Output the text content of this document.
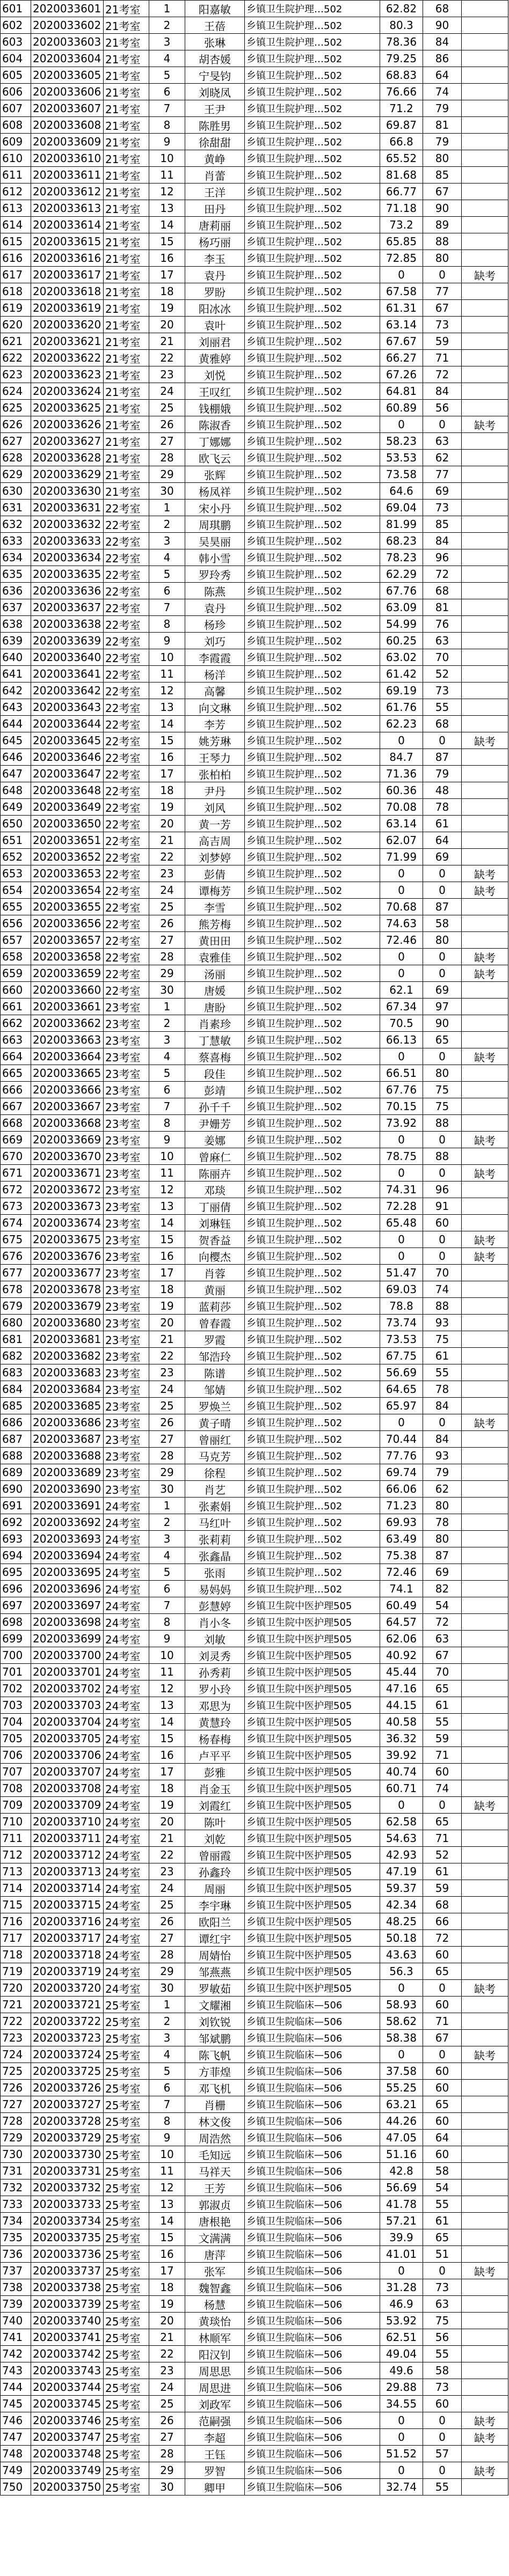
601	2020033601	21考室	1	阳嘉敏	乡镇卫生院护理…502	62.82	68	
602	2020033602	21考室	2	王蓓	乡镇卫生院护理…502	80.3	90	
603	2020033603	21考室	3	张琳	乡镇卫生院护理…502	78.36	84	
604	2020033604	21考室	4	胡杏媛	乡镇卫生院护理…502	79.25	86	
605	2020033605	21考室	5	宁旻钧	乡镇卫生院护理…502	68.83	64	
606	2020033606	21考室	6	刘晓凤	乡镇卫生院护理…502	76.66	74	
607	2020033607	21考室	7	王尹	乡镇卫生院护理…502	71.2	79	
608	2020033608	21考室	8	陈胜男	乡镇卫生院护理…502	69.87	81	
609	2020033609	21考室	9	徐甜甜	乡镇卫生院护理…502	66.8	79	
610	2020033610	21考室	10	黄峥	乡镇卫生院护理…502	65.52	80	
611	2020033611	21考室	11	肖蕾	乡镇卫生院护理…502	81.68	85	
612	2020033612	21考室	12	王洋	乡镇卫生院护理…502	66.77	67	
613	2020033613	21考室	13	田丹	乡镇卫生院护理…502	71.18	90	
614	2020033614	21考室	14	唐莉丽	乡镇卫生院护理…502	73.2	89	
615	2020033615	21考室	15	杨巧丽	乡镇卫生院护理…502	65.85	88	
616	2020033616	21考室	16	李玉	乡镇卫生院护理…502	72.85	80	
617	2020033617	21考室	17	袁丹	乡镇卫生院护理…502	0	0	缺考
618	2020033618	21考室	18	罗盼	乡镇卫生院护理…502	67.58	77	
619	2020033619	21考室	19	阳冰冰	乡镇卫生院护理…502	61.31	67	
620	2020033620	21考室	20	袁叶	乡镇卫生院护理…502	63.14	73	
621	2020033621	21考室	21	刘丽君	乡镇卫生院护理…502	67.67	59	
622	2020033622	21考室	22	黄雅婷	乡镇卫生院护理…502	66.27	71	
623	2020033623	21考室	23	刘悦	乡镇卫生院护理…502	67.26	72	
624	2020033624	21考室	24	王叹红	乡镇卫生院护理…502	64.81	84	
625	2020033625	21考室	25	钱棚娥	乡镇卫生院护理…502	60.89	56	
626	2020033626	21考室	26	陈淑香	乡镇卫生院护理…502	0	0	缺考
627	2020033627	21考室	27	丁娜娜	乡镇卫生院护理…502	58.23	63	
628	2020033628	21考室	28	欧飞云	乡镇卫生院护理…502	53.53	62	
629	2020033629	21考室	29	张辉	乡镇卫生院护理…502	73.58	77	
630	2020033630	21考室	30	杨凤祥	乡镇卫生院护理…502	64.6	69	
631	2020033631	22考室	1	宋小丹	乡镇卫生院护理…502	69.04	73	
632	2020033632	22考室	2	周琪鹏	乡镇卫生院护理…502	81.99	85	
633	2020033633	22考室	3	吴昊丽	乡镇卫生院护理…502	68.23	84	
634	2020033634	22考室	4	韩小雪	乡镇卫生院护理…502	78.23	96	
635	2020033635	22考室	5	罗玲秀	乡镇卫生院护理…502	62.29	72	
636	2020033636	22考室	6	陈燕	乡镇卫生院护理…502	67.76	68	
637	2020033637	22考室	7	袁丹	乡镇卫生院护理…502	63.09	81	
638	2020033638	22考室	8	杨珍	乡镇卫生院护理…502	54.99	76	
639	2020033639	22考室	9	刘巧	乡镇卫生院护理…502	60.25	63	
640	2020033640	22考室	10	李霞霞	乡镇卫生院护理…502	63.02	70	
641	2020033641	22考室	11	杨洋	乡镇卫生院护理…502	61.42	52	
642	2020033642	22考室	12	高馨	乡镇卫生院护理…502	69.19	73	
643	2020033643	22考室	13	向文琳	乡镇卫生院护理…502	61.76	55	
644	2020033644	22考室	14	李芳	乡镇卫生院护理…502	62.23	68	
645	2020033645	22考室	15	姚芳琳	乡镇卫生院护理…502	0	0	缺考
646	2020033646	22考室	16	王琴力	乡镇卫生院护理…502	84.7	87	
647	2020033647	22考室	17	张柏柏	乡镇卫生院护理…502	71.36	79	
648	2020033648	22考室	18	尹丹	乡镇卫生院护理…502	60.36	48	
649	2020033649	22考室	19	刘风	乡镇卫生院护理…502	70.08	78	
650	2020033650	22考室	20	黄一芳	乡镇卫生院护理…502	63.14	61	
651	2020033651	22考室	21	高吉周	乡镇卫生院护理…502	62.07	64	
652	2020033652	22考室	22	刘梦婷	乡镇卫生院护理…502	71.99	69	
653	2020033653	22考室	23	彭倩	乡镇卫生院护理…502	0	0	缺考
654	2020033654	22考室	24	谭梅芳	乡镇卫生院护理…502	0	0	缺考
655	2020033655	22考室	25	李雪	乡镇卫生院护理…502	70.68	87	
656	2020033656	22考室	26	熊芳梅	乡镇卫生院护理…502	74.63	58	
657	2020033657	22考室	27	黄田田	乡镇卫生院护理…502	72.46	80	
658	2020033658	22考室	28	袁雅佳	乡镇卫生院护理…502	0	0	缺考
659	2020033659	22考室	29	汤丽	乡镇卫生院护理…502	0	0	缺考
660	2020033660	22考室	30	唐媛	乡镇卫生院护理…502	62.1	69	
661	2020033661	23考室	1	唐盼	乡镇卫生院护理…502	67.34	97	
662	2020033662	23考室	2	肖素珍	乡镇卫生院护理…502	70.5	90	
663	2020033663	23考室	3	丁慧敏	乡镇卫生院护理…502	66.13	65	
664	2020033664	23考室	4	蔡喜梅	乡镇卫生院护理…502	0	0	缺考
665	2020033665	23考室	5	段佳	乡镇卫生院护理…502	66.51	80	
666	2020033666	23考室	6	彭靖	乡镇卫生院护理…502	67.76	75	
667	2020033667	23考室	7	孙千千	乡镇卫生院护理…502	70.15	75	
668	2020033668	23考室	8	尹姗芳	乡镇卫生院护理…502	73.92	88	
669	2020033669	23考室	9	姜娜	乡镇卫生院护理…502	0	0	缺考
670	2020033670	23考室	10	曾麻仁	乡镇卫生院护理…502	78.75	88	
671	2020033671	23考室	11	陈丽卉	乡镇卫生院护理…502	0	0	缺考
672	2020033672	23考室	12	邓琰	乡镇卫生院护理…502	74.31	96	
673	2020033673	23考室	13	丁丽倩	乡镇卫生院护理…502	72.28	91	
674	2020033674	23考室	14	刘琳钰	乡镇卫生院护理…502	65.48	60	
675	2020033675	23考室	15	贺香益	乡镇卫生院护理…502	0	0	缺考
676	2020033676	23考室	16	向樱杰	乡镇卫生院护理…502	0	0	缺考
677	2020033677	23考室	17	肖蓉	乡镇卫生院护理…502	51.47	70	
678	2020033678	23考室	18	黄丽	乡镇卫生院护理…502	69.03	74	
679	2020033679	23考室	19	蓝莉莎	乡镇卫生院护理…502	78.8	88	
680	2020033680	23考室	20	曾春霞	乡镇卫生院护理…502	73.74	93	
681	2020033681	23考室	21	罗霞	乡镇卫生院护理…502	73.53	75	
682	2020033682	23考室	22	邹浩玲	乡镇卫生院护理…502	67.75	61	
683	2020033683	23考室	23	陈谱	乡镇卫生院护理…502	56.69	55	
684	2020033684	23考室	24	邹婧	乡镇卫生院护理…502	64.65	78	
685	2020033685	23考室	25	罗焕兰	乡镇卫生院护理…502	65.97	84	
686	2020033686	23考室	26	黄子晴	乡镇卫生院护理…502	0	0	缺考
687	2020033687	23考室	27	曾丽红	乡镇卫生院护理…502	70.44	84	
688	2020033688	23考室	28	马克芳	乡镇卫生院护理…502	77.76	93	
689	2020033689	23考室	29	徐程	乡镇卫生院护理…502	69.74	79	
690	2020033690	23考室	30	肖艺	乡镇卫生院护理…502	66.06	62	
691	2020033691	24考室	1	张素娟	乡镇卫生院护理…502	71.23	80	
692	2020033692	24考室	2	马红叶	乡镇卫生院护理…502	69.93	78	
693	2020033693	24考室	3	张莉莉	乡镇卫生院护理…502	63.49	80	
694	2020033694	24考室	4	张鑫晶	乡镇卫生院护理…502	75.38	87	
695	2020033695	24考室	5	张雨	乡镇卫生院护理…502	72.46	69	
696	2020033696	24考室	6	易妈妈	乡镇卫生院护理…502	74.1	82	
697	2020033697	24考室	7	彭慧婷	乡镇卫生院中医护理505	60.49	54	
698	2020033698	24考室	8	肖小冬	乡镇卫生院中医护理505	64.57	72	
699	2020033699	24考室	9	刘敏	乡镇卫生院中医护理505	62.06	63	
700	2020033700	24考室	10	刘灵秀	乡镇卫生院中医护理505	40.92	67	
701	2020033701	24考室	11	孙秀莉	乡镇卫生院中医护理505	45.44	70	
702	2020033702	24考室	12	罗小玲	乡镇卫生院中医护理505	47.16	65	
703	2020033703	24考室	13	邓思为	乡镇卫生院中医护理505	44.15	61	
704	2020033704	24考室	14	黄慧玲	乡镇卫生院中医护理505	40.58	55	
705	2020033705	24考室	15	杨春梅	乡镇卫生院中医护理505	36.32	59	
706	2020033706	24考室	16	卢平平	乡镇卫生院中医护理505	39.92	71	
707	2020033707	24考室	17	彭雅	乡镇卫生院中医护理505	40.74	60	
708	2020033708	24考室	18	肖金玉	乡镇卫生院中医护理505	60.71	74	
709	2020033709	24考室	19	刘霞红	乡镇卫生院中医护理505	0	0	缺考
710	2020033710	24考室	20	陈叶	乡镇卫生院中医护理505	62.58	65	
711	2020033711	24考室	21	刘乾	乡镇卫生院中医护理505	54.63	71	
712	2020033712	24考室	22	曾丽霞	乡镇卫生院中医护理505	42.93	52	
713	2020033713	24考室	23	孙鑫玲	乡镇卫生院中医护理505	47.19	61	
714	2020033714	24考室	24	周丽	乡镇卫生院中医护理505	59.37	59	
715	2020033715	24考室	25	李宇琳	乡镇卫生院中医护理505	42.34	68	
716	2020033716	24考室	26	欧阳兰	乡镇卫生院中医护理505	48.25	66	
717	2020033717	24考室	27	谭红宇	乡镇卫生院中医护理505	50.18	72	
718	2020033718	24考室	28	周婧怡	乡镇卫生院中医护理505	43.63	60	
719	2020033719	24考室	29	邹燕燕	乡镇卫生院中医护理505	56.3	65	
720	2020033720	24考室	30	罗敏茹	乡镇卫生院中医护理505	0	0	缺考
721	2020033721	25考室	1	文耀湘	乡镇卫生院临床—506	58.93	60	
722	2020033722	25考室	2	刘钦锐	乡镇卫生院临床—506	58.62	71	
723	2020033723	25考室	3	邹斌鹏	乡镇卫生院临床—506	58.38	67	
724	2020033724	25考室	4	陈飞帆	乡镇卫生院临床—506	0	0	缺考
725	2020033725	25考室	5	方菲煌	乡镇卫生院临床—506	37.58	60	
726	2020033726	25考室	6	邓飞机	乡镇卫生院临床—506	55.25	60	
727	2020033727	25考室	7	肖栅	乡镇卫生院临床—506	63.21	65	
728	2020033728	25考室	8	林文俊	乡镇卫生院临床—506	44.26	60	
729	2020033729	25考室	9	周浩然	乡镇卫生院临床—506	47.05	64	
730	2020033730	25考室	10	毛知远	乡镇卫生院临床—506	51.16	60	
731	2020033731	25考室	11	马祥天	乡镇卫生院临床—506	42.8	58	
732	2020033732	25考室	12	王芳	乡镇卫生院临床—506	56.69	54	
733	2020033733	25考室	13	郭淑贞	乡镇卫生院临床—506	41.78	55	
734	2020033734	25考室	14	唐根艳	乡镇卫生院临床—506	57.21	61	
735	2020033735	25考室	15	文满满	乡镇卫生院临床—506	39.9	65	
736	2020033736	25考室	16	唐萍	乡镇卫生院临床—506	41.01	51	
737	2020033737	25考室	17	张军	乡镇卫生院临床—506	0	0	缺考
738	2020033738	25考室	18	魏智鑫	乡镇卫生院临床—506	31.28	73	
739	2020033739	25考室	19	杨慧	乡镇卫生院临床—506	46.9	63	
740	2020033740	25考室	20	黄琰怡	乡镇卫生院临床—506	53.92	75	
741	2020033741	25考室	21	林顺军	乡镇卫生院临床—506	62.51	56	
742	2020033742	25考室	22	阳汉钊	乡镇卫生院临床—506	49.04	55	
743	2020033743	25考室	23	周思思	乡镇卫生院临床—506	49.6	58	
744	2020033744	25考室	24	周思进	乡镇卫生院临床—506	29.88	73	
745	2020033745	25考室	25	刘政军	乡镇卫生院临床—506	34.55	60	
746	2020033746	25考室	26	范嗣强	乡镇卫生院临床—506	0	0	缺考
747	2020033747	25考室	27	李超	乡镇卫生院临床—506	0	0	缺考
748	2020033748	25考室	28	王钰	乡镇卫生院临床—506	51.52	57	
749	2020033749	25考室	29	罗智	乡镇卫生院临床—506	0	0	缺考
750	2020033750	25考室	30	卿甲	乡镇卫生院临床—506	32.74	55	
